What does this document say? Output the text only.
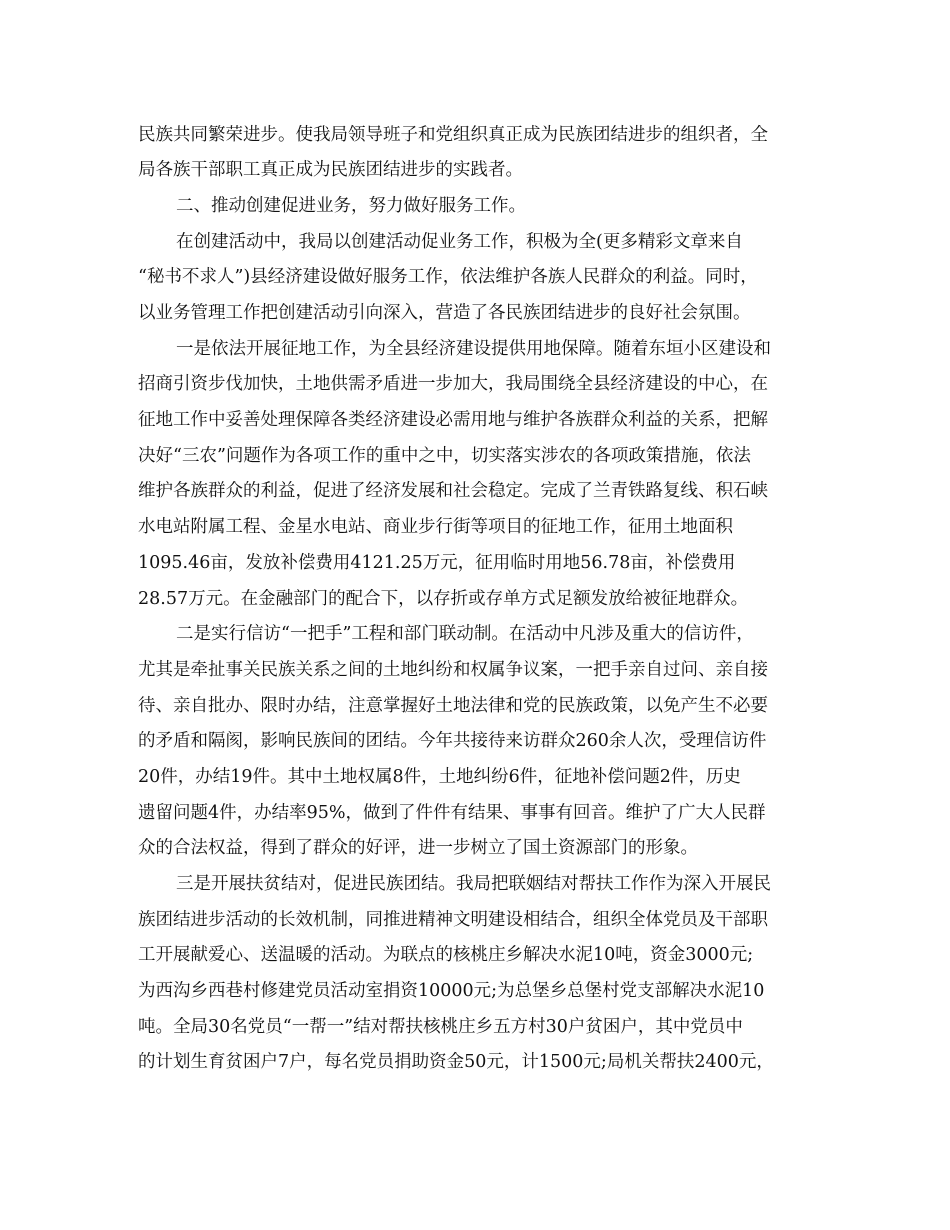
民族共同繁荣进步。使我局领导班子和党组织真正成为民族团结进步的组织者，全
局各族干部职工真正成为民族团结进步的实践者。
二、推动创建促进业务，努力做好服务工作。
在创建活动中，我局以创建活动促业务工作，积极为全(更多精彩文章来自
“秘书不求人”)县经济建设做好服务工作，依法维护各族人民群众的利益。同时，
以业务管理工作把创建活动引向深入，营造了各民族团结进步的良好社会氛围。
一是依法开展征地工作，为全县经济建设提供用地保障。随着东垣小区建设和
招商引资步伐加快，土地供需矛盾进一步加大，我局围绕全县经济建设的中心，在
征地工作中妥善处理保障各类经济建设必需用地与维护各族群众利益的关系，把解
决好“三农”问题作为各项工作的重中之中，切实落实涉农的各项政策措施，依法
维护各族群众的利益，促进了经济发展和社会稳定。完成了兰青铁路复线、积石峡
水电站附属工程、金星水电站、商业步行街等项目的征地工作，征用土地面积
1095.46亩，发放补偿费用4121.25万元，征用临时用地56.78亩，补偿费用
28.57万元。在金融部门的配合下，以存折或存单方式足额发放给被征地群众。
二是实行信访“一把手”工程和部门联动制。在活动中凡涉及重大的信访件，
尤其是牵扯事关民族关系之间的土地纠纷和权属争议案，一把手亲自过问、亲自接
待、亲自批办、限时办结，注意掌握好土地法律和党的民族政策，以免产生不必要
的矛盾和隔阂，影响民族间的团结。今年共接待来访群众260余人次，受理信访件
20件，办结19件。其中土地权属8件，土地纠纷6件，征地补偿问题2件，历史
遗留问题4件，办结率95%，做到了件件有结果、事事有回音。维护了广大人民群
众的合法权益，得到了群众的好评，进一步树立了国土资源部门的形象。
三是开展扶贫结对，促进民族团结。我局把联姻结对帮扶工作作为深入开展民
族团结进步活动的长效机制，同推进精神文明建设相结合，组织全体党员及干部职
工开展献爱心、送温暖的活动。为联点的核桃庄乡解决水泥10吨，资金3000元;
为西沟乡西巷村修建党员活动室捐资10000元;为总堡乡总堡村党支部解决水泥10
吨。全局30名党员“一帮一”结对帮扶核桃庄乡五方村30户贫困户，其中党员中
的计划生育贫困户7户，每名党员捐助资金50元，计1500元;局机关帮扶2400元，
